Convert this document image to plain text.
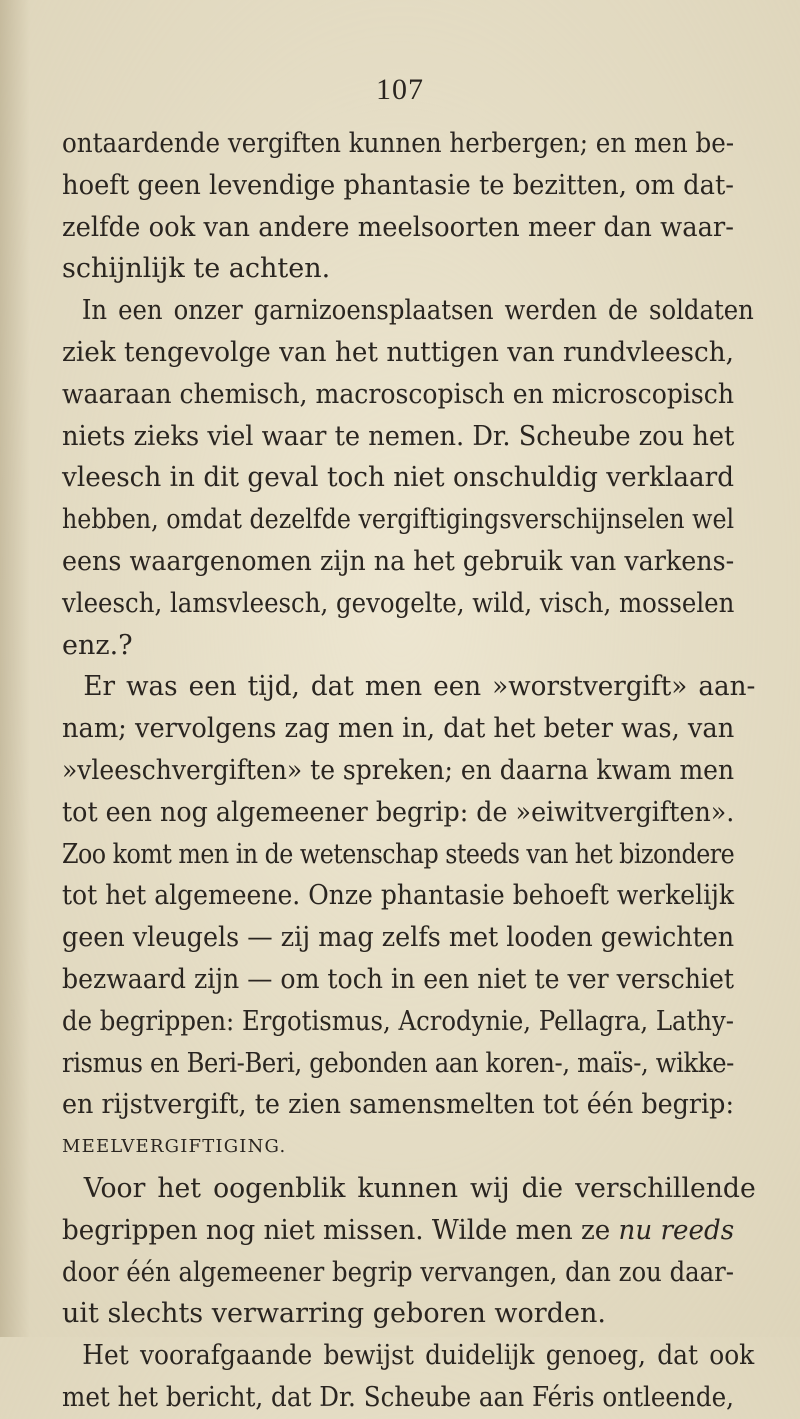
107
ontaardende vergiften kunnen herbergen; en men be-
hoeft geen levendige phantasie te bezitten, om dat-
zelfde ook van andere meelsoorten meer dan waar-
schijnlijk te achten.
In een onzer garnizoensplaatsen werden de soldaten
ziek tengevolge van het nuttigen van rundvleesch,
waaraan chemisch, macroscopisch en microscopisch
niets zieks viel waar te nemen. Dr. Scheube zou het
vleesch in dit geval toch niet onschuldig verklaard
hebben, omdat dezelfde vergiftigingsverschijnselen wel
eens waargenomen zijn na het gebruik van varkens-
vleesch, lamsvleesch, gevogelte, wild, visch, mosselen
enz.?
Er was een tijd, dat men een »worstvergift» aan-
nam; vervolgens zag men in, dat het beter was, van
»vleeschvergiften» te spreken; en daarna kwam men
tot een nog algemeener begrip: de »eiwitvergiften».
Zoo komt men in de wetenschap steeds van het bizondere
tot het algemeene. Onze phantasie behoeft werkelijk
geen vleugels — zij mag zelfs met looden gewichten
bezwaard zijn — om toch in een niet te ver verschiet
de begrippen: Ergotismus, Acrodynie, Pellagra, Lathy-
rismus en Beri-Beri, gebonden aan koren-, maïs-, wikke-
en rijstvergift, te zien samensmelten tot één begrip:
MEELVERGIFTIGING.
Voor het oogenblik kunnen wij die verschillende
begrippen nog niet missen. Wilde men ze nu reeds
door één algemeener begrip vervangen, dan zou daar-
uit slechts verwarring geboren worden.
Het voorafgaande bewijst duidelijk genoeg, dat ook
met het bericht, dat Dr. Scheube aan Féris ontleende,
